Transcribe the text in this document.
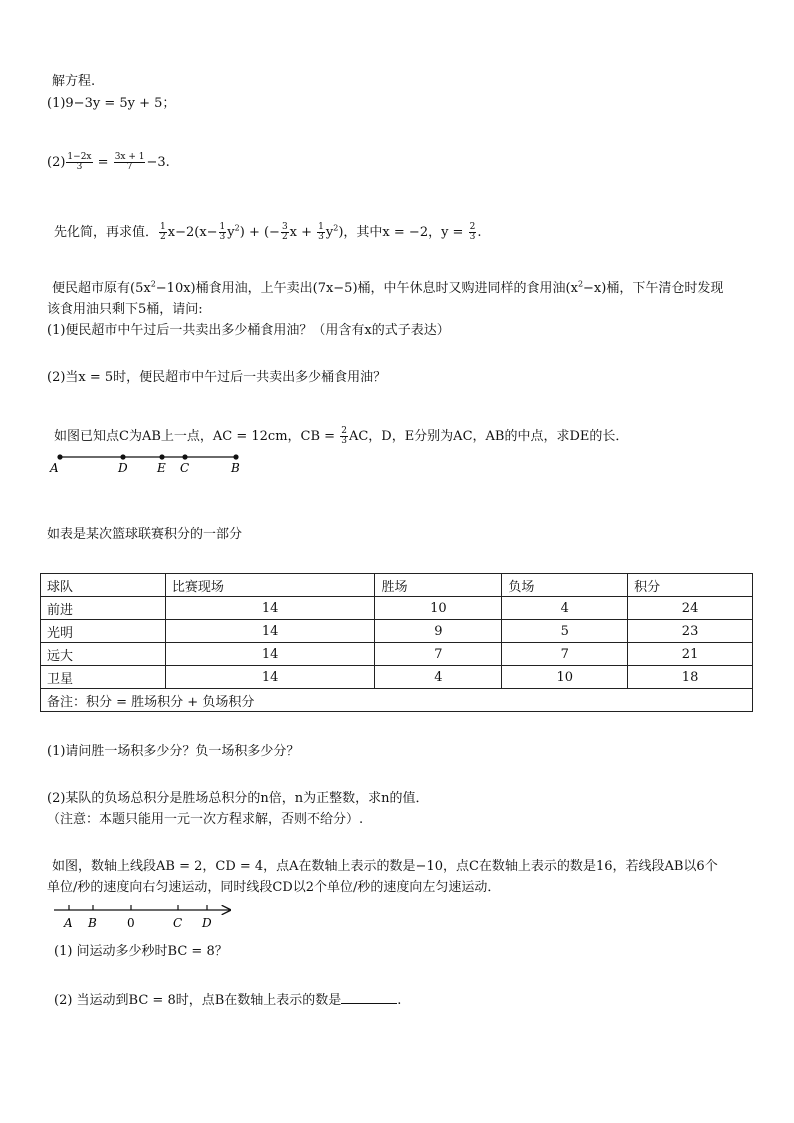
解方程.
(1)9−3y = 5y + 5；
$(2) \frac{1-2x}{3} = \frac{3x + 1}{7} -3$.
先化简，再求值． $\frac{1}{2} x-2(x- \frac{1}{3} y^2)$ + (− $\frac{3}{2}$ $x + \frac{1}{3} y^2$)，其中x = −2，$y = \frac{2}{3}$ .
便民超市原有$(5x^2-10x)$桶食用油，上午卖出(7x−5)桶，中午休息时又购进同样的食用油$(x^2-x)$桶，下午清仓时发现
该食用油只剩下5桶，请问:
(1)便民超市中午过后一共卖出多少桶食用油？（用含有x的式子表达）
(2)当x = 5时，便民超市中午过后一共卖出多少桶食用油？
如图已知点C为AB上一点，AC = 12cm，CB = $\frac{2}{3}$ AC，D，E分别为AC，AB的中点，求DE的长．
A	D E C	B
如表是某次篮球联赛积分的一部分
球队	比赛现场	胜场	负场	积分
前进	14	10	4	24
光明	14	9	5	23
远大	14	7	7	21
卫星	14	4	10	18
备注：积分 = 胜场积分 + 负场积分				
(1)请问胜一场积多少分？负一场积多少分？
(2)某队的负场总积分是胜场总积分的n倍，n为正整数，求n的值．
（注意：本题只能用一元一次方程求解，否则不给分）.
如图，数轴上线段AB = 2，CD = 4，点A在数轴上表示的数是−10，点C在数轴上表示的数是16，若线段AB以6个
单位/秒的速度向右匀速运动，同时线段CD以2个单位/秒的速度向左匀速运动．
A B	0	C D
(1) 问运动多少秒时BC = 8？
(2) 当运动到BC = 8时，点B在数轴上表示的数是	.
